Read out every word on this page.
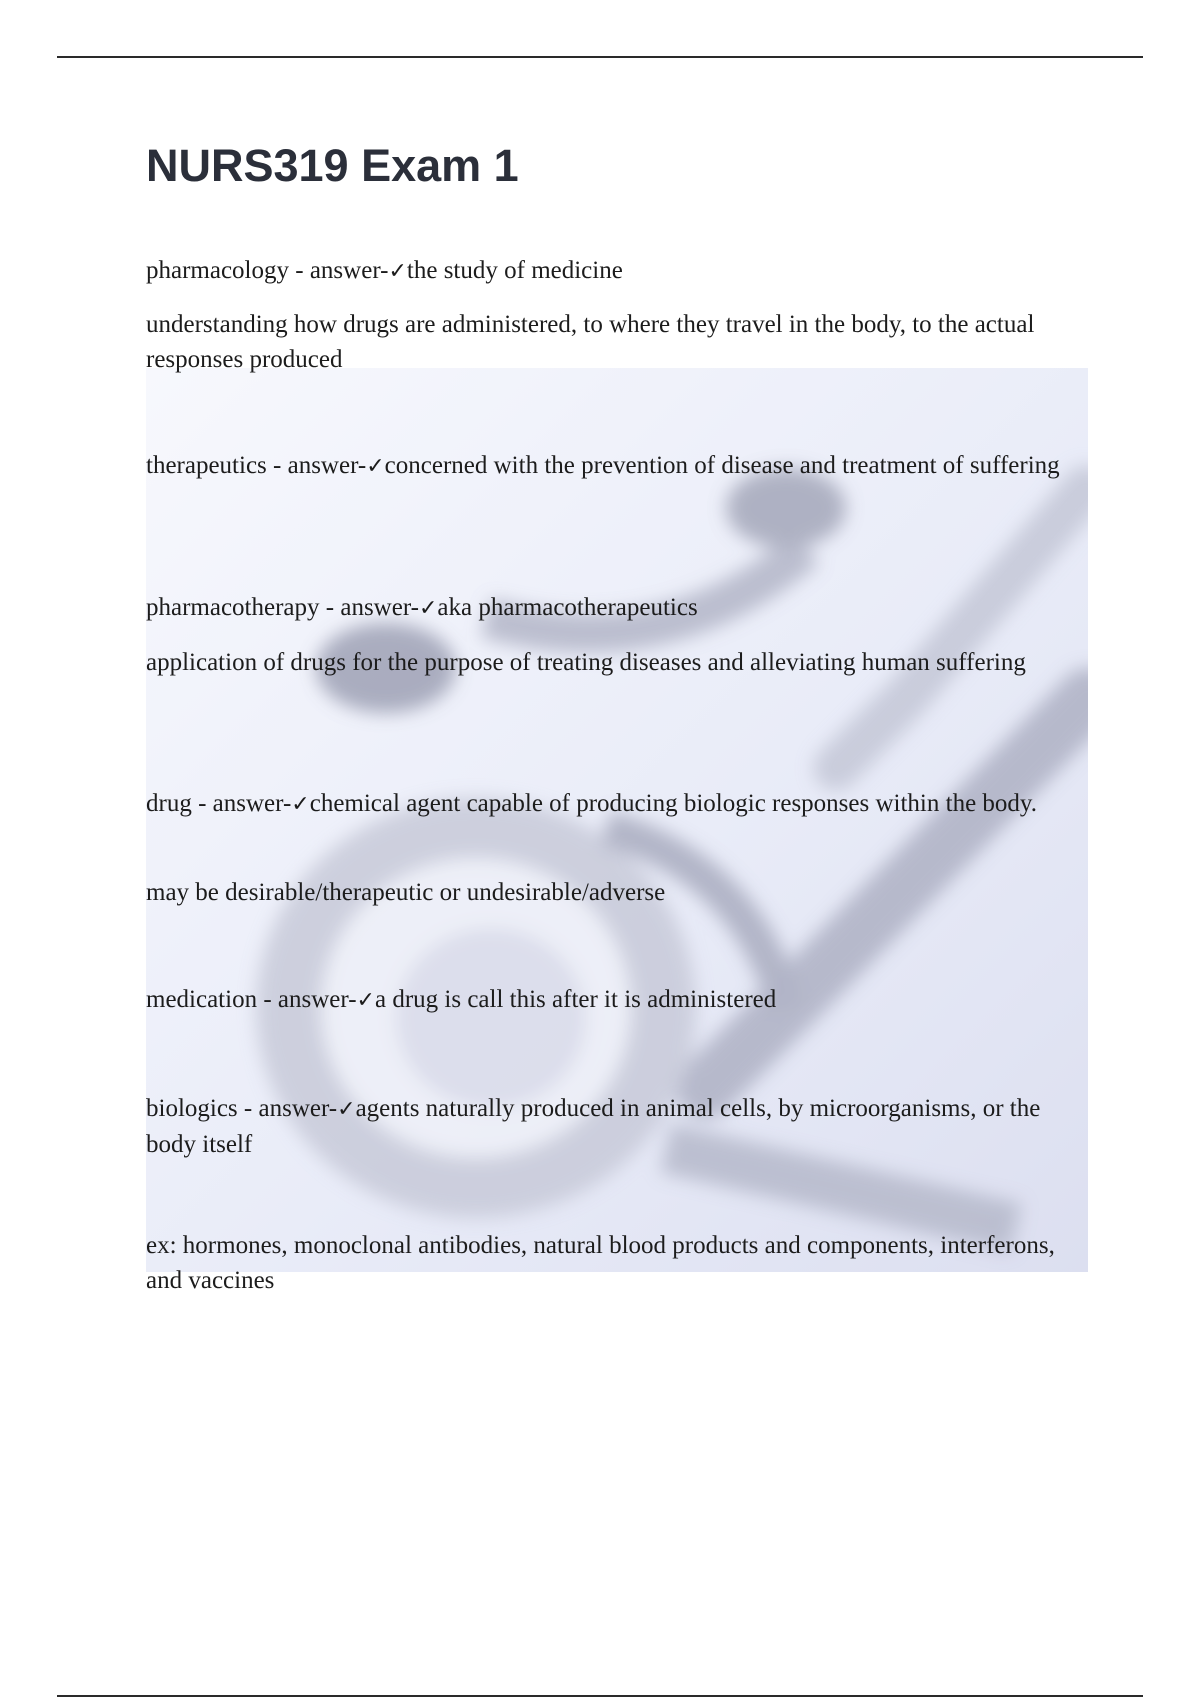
NURS319 Exam 1

pharmacology - answer-✓the study of medicine

understanding how drugs are administered, to where they travel in the body, to the actual responses produced

therapeutics - answer-✓concerned with the prevention of disease and treatment of suffering

pharmacotherapy - answer-✓aka pharmacotherapeutics

application of drugs for the purpose of treating diseases and alleviating human suffering

drug - answer-✓chemical agent capable of producing biologic responses within the body.

may be desirable/therapeutic or undesirable/adverse

medication - answer-✓a drug is call this after it is administered

biologics - answer-✓agents naturally produced in animal cells, by microorganisms, or the body itself

ex: hormones, monoclonal antibodies, natural blood products and components, interferons, and vaccines
